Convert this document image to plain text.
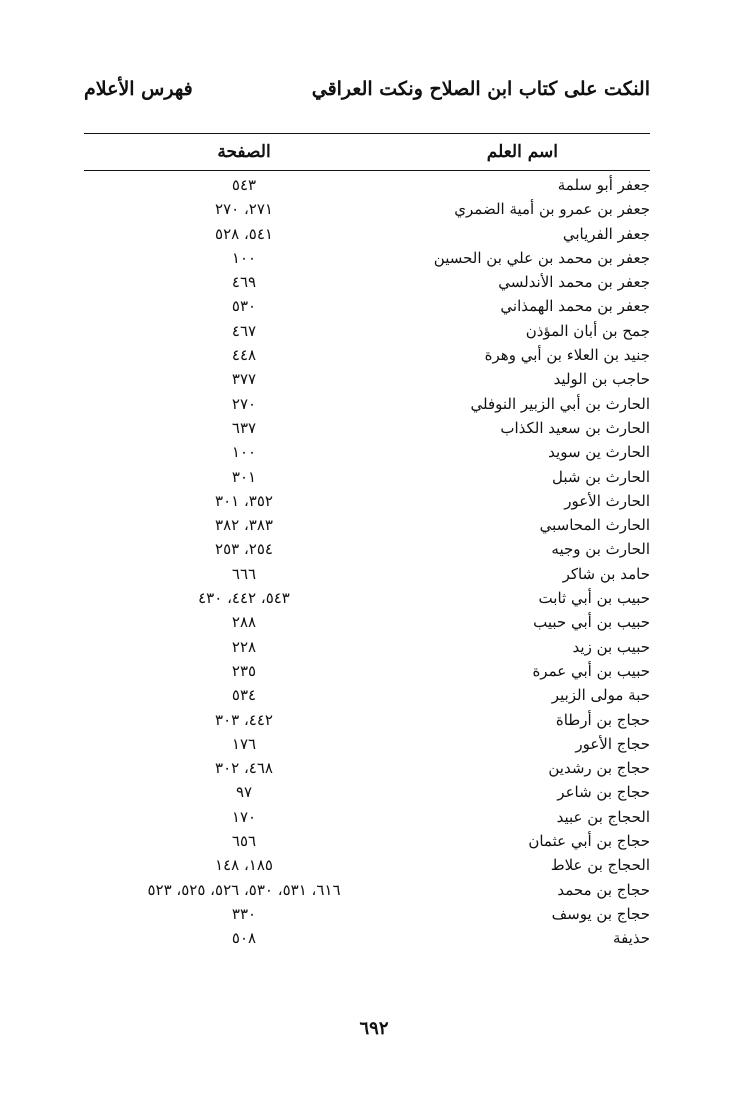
النكت على كتاب ابن الصلاح ونكت العراقي
فهرس الأعلام
اسم العلم
الصفحة
جعفر أبو سلمة
٥٤٣
جعفر بن عمرو بن أمية الضمري
٢٧١، ٢٧٠
جعفر الفريابي
٥٤١، ٥٢٨
جعفر بن محمد بن علي بن الحسين
١٠٠
جعفر بن محمد الأندلسي
٤٦٩
جعفر بن محمد الهمذاني
٥٣٠
جمح بن أبان المؤذن
٤٦٧
جنيد بن العلاء بن أبي وهرة
٤٤٨
حاجب بن الوليد
٣٧٧
الحارث بن أبي الزبير النوفلي
٢٧٠
الحارث بن سعيد الكذاب
٦٣٧
الحارث ين سويد
١٠٠
الحارث بن شبل
٣٠١
الحارث الأعور
٣٥٢، ٣٠١
الحارث المحاسبي
٣٨٣، ٣٨٢
الحارث بن وجيه
٢٥٤، ٢٥٣
حامد بن شاكر
٦٦٦
حبيب بن أبي ثابت
٥٤٣، ٤٤٢، ٤٣٠
حبيب بن أبي حبيب
٢٨٨
حبيب بن زيد
٢٢٨
حبيب بن أبي عمرة
٢٣٥
حبة مولى الزبير
٥٣٤
حجاج بن أرطاة
٤٤٢، ٣٠٣
حجاج الأعور
١٧٦
حجاج بن رشدين
٤٦٨، ٣٠٢
حجاج بن شاعر
٩٧
الحجاج بن عبيد
١٧٠
حجاج بن أبي عثمان
٦٥٦
الحجاج بن علاط
١٨٥، ١٤٨
حجاج بن محمد
٦١٦، ٥٣١، ٥٣٠، ٥٢٦، ٥٢٥، ٥٢٣
حجاج بن يوسف
٣٣٠
حذيفة
٥٠٨
٦٩٢
